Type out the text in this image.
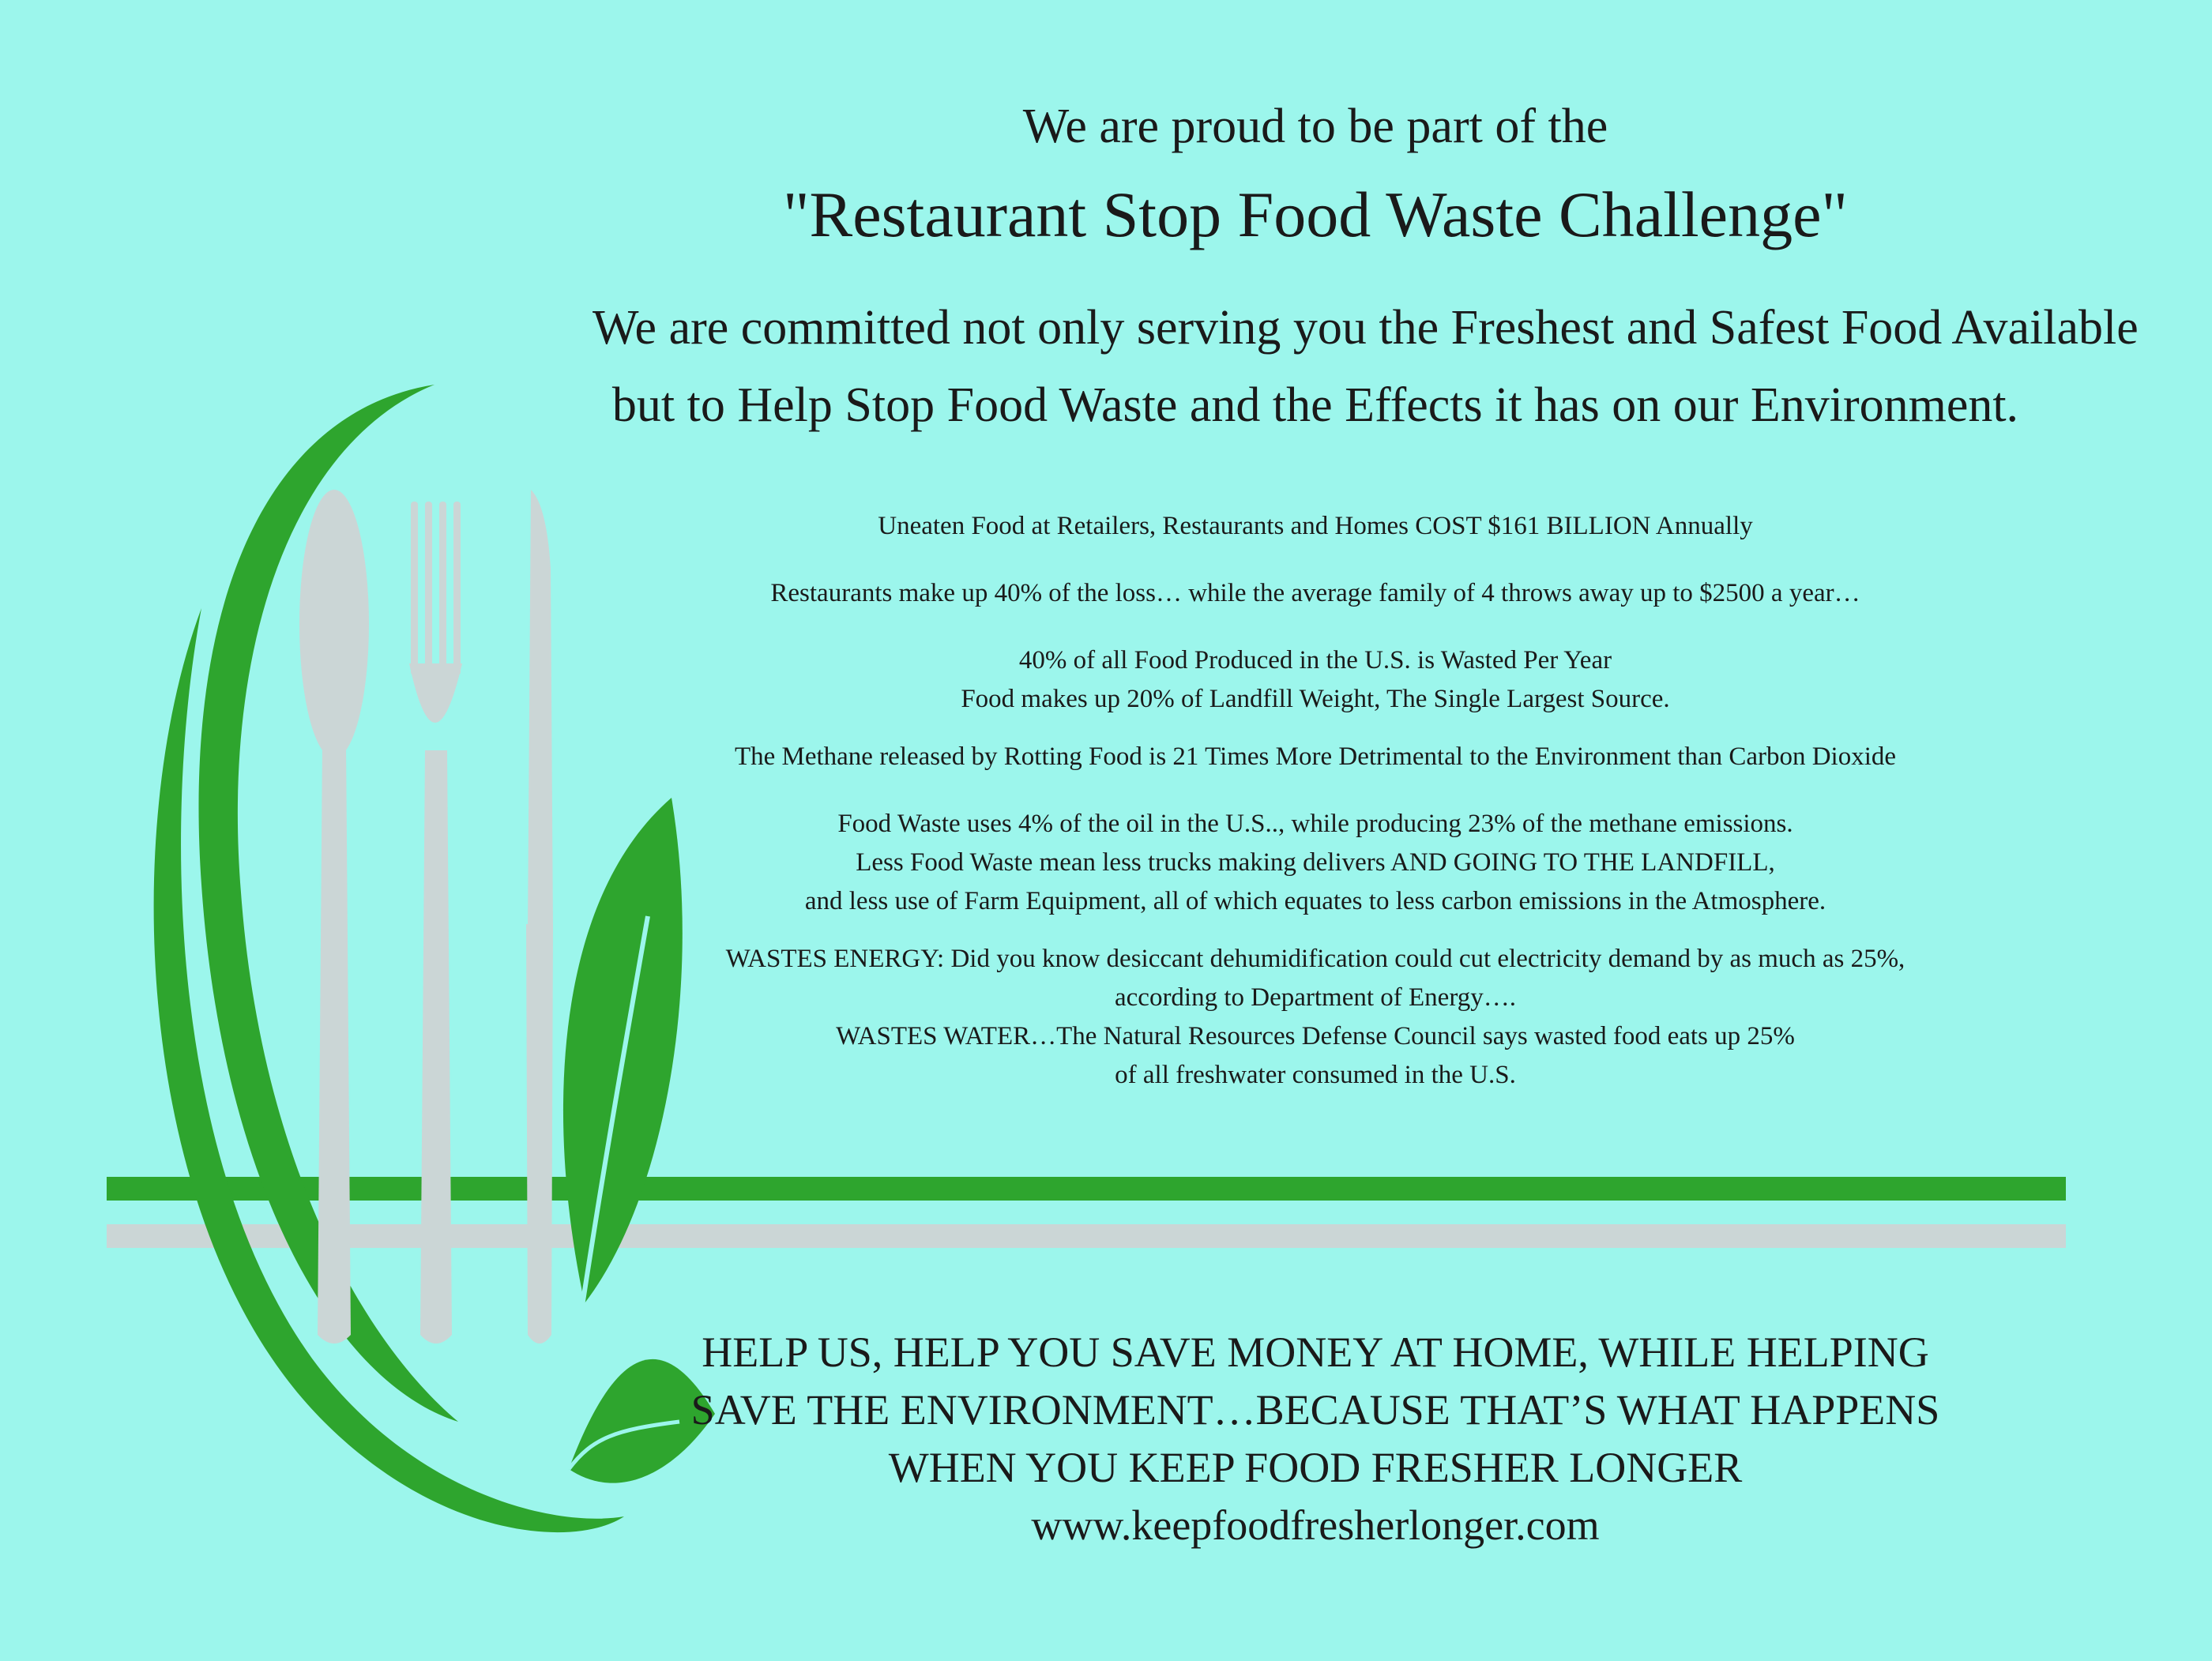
We are proud to be part of the
"Restaurant Stop Food Waste Challenge"
We are committed not only serving you the Freshest and Safest Food Available
but to Help Stop Food Waste and the Effects it has on our Environment.
Uneaten Food at Retailers, Restaurants and Homes COST $161 BILLION Annually
Restaurants make up 40% of the loss… while the average family of 4 throws away up to $2500 a year…
40% of all Food Produced in the U.S. is Wasted Per Year
Food makes up 20% of Landfill Weight, The Single Largest Source.
The Methane released by Rotting Food is 21 Times More Detrimental to the Environment than Carbon Dioxide
Food Waste uses 4% of the oil in the U.S.., while producing 23% of the methane emissions.
Less Food Waste mean less trucks making delivers AND GOING TO THE LANDFILL,
and less use of Farm Equipment, all of which equates to less carbon emissions in the Atmosphere.
WASTES ENERGY: Did you know desiccant dehumidification could cut electricity demand by as much as 25%,
according to Department of Energy….
WASTES WATER…The Natural Resources Defense Council says wasted food eats up 25%
of all freshwater consumed in the U.S.
HELP US, HELP YOU SAVE MONEY AT HOME, WHILE HELPING
SAVE THE ENVIRONMENT…BECAUSE THAT’S WHAT HAPPENS
WHEN YOU KEEP FOOD FRESHER LONGER
www.keepfoodfresherlonger.com
